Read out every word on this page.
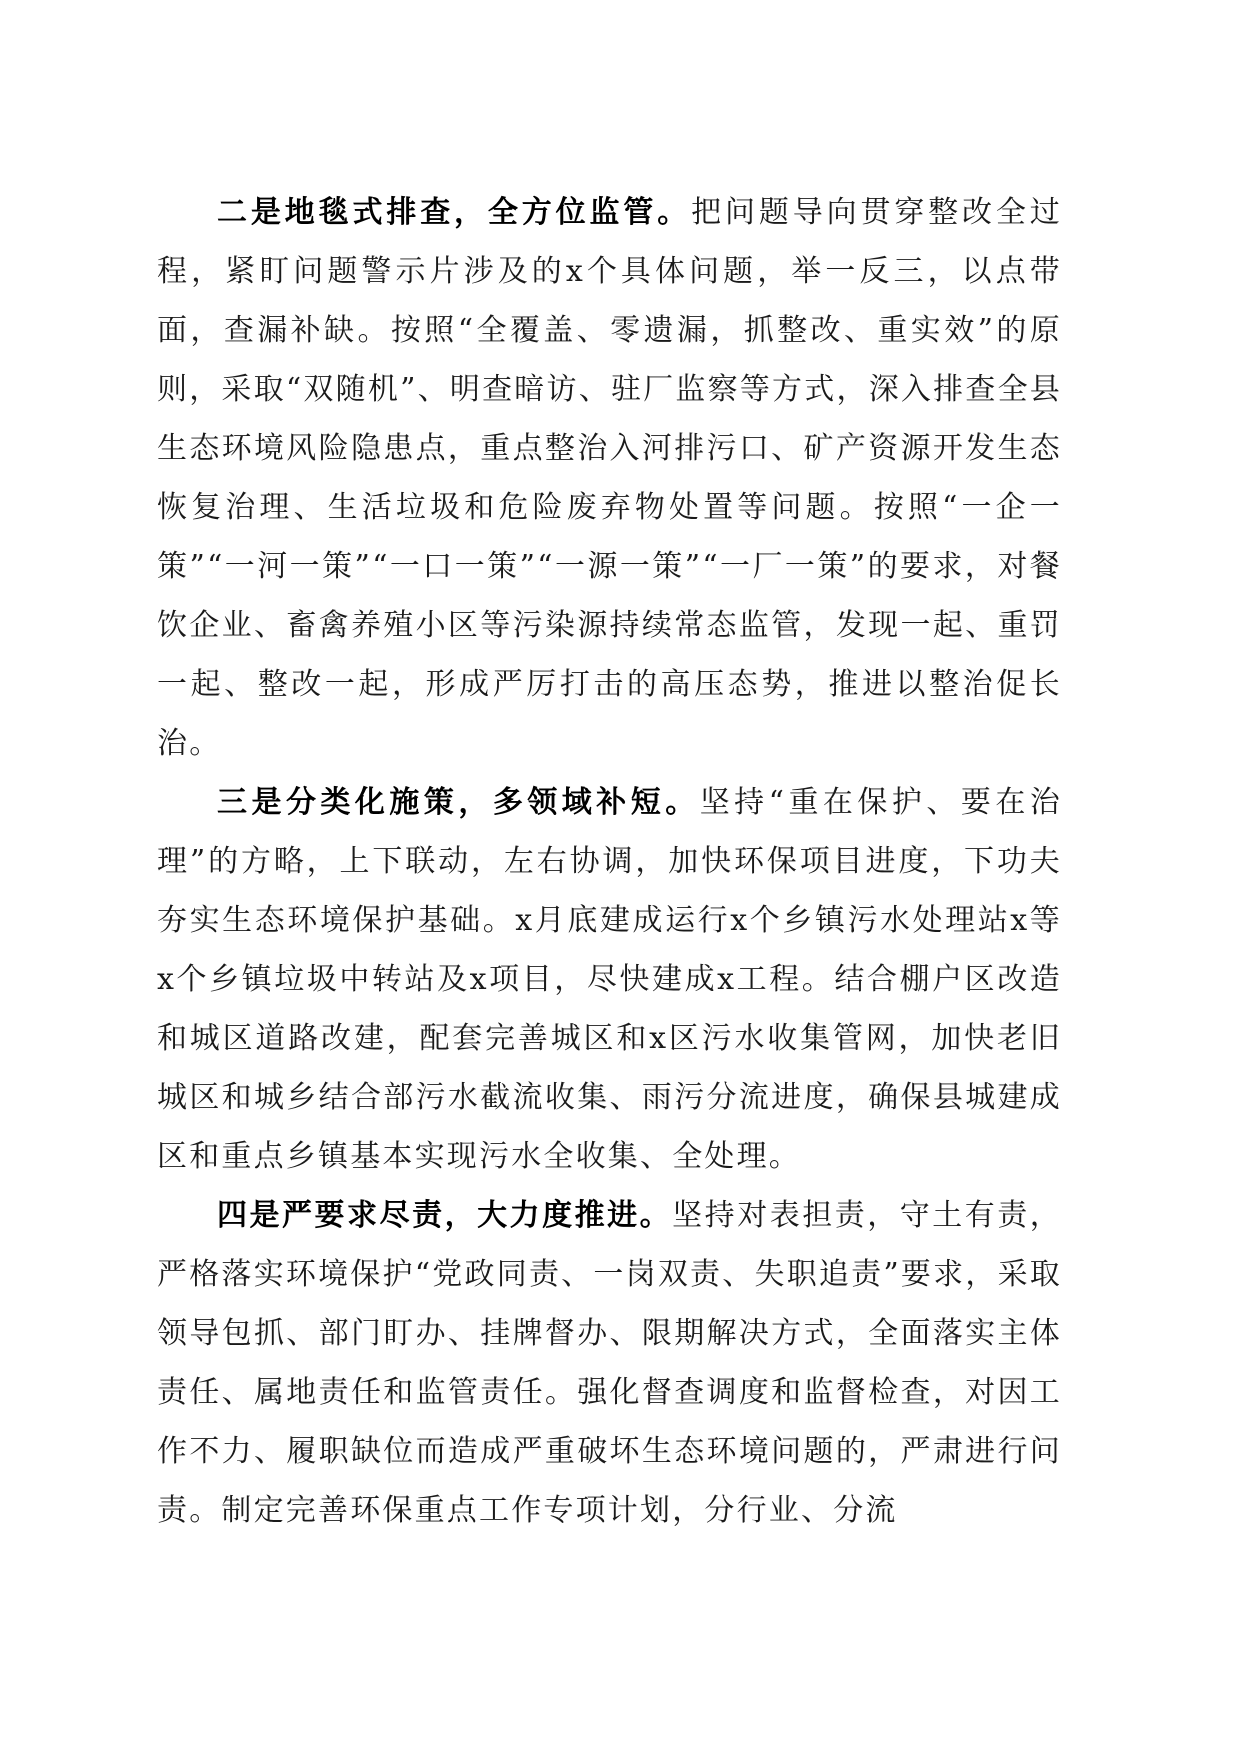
二是地毯式排查，全方位监管。把问题导向贯穿整改全过程，紧盯问题警示片涉及的x个具体问题，举一反三，以点带面，查漏补缺。按照“全覆盖、零遗漏，抓整改、重实效”的原则，采取“双随机”、明查暗访、驻厂监察等方式，深入排查全县生态环境风险隐患点，重点整治入河排污口、矿产资源开发生态恢复治理、生活垃圾和危险废弃物处置等问题。按照“一企一策”“一河一策”“一口一策”“一源一策”“一厂一策”的要求，对餐饮企业、畜禽养殖小区等污染源持续常态监管，发现一起、重罚一起、整改一起，形成严厉打击的高压态势，推进以整治促长治。

三是分类化施策，多领域补短。坚持“重在保护、要在治理”的方略，上下联动，左右协调，加快环保项目进度，下功夫夯实生态环境保护基础。x月底建成运行x个乡镇污水处理站x等x个乡镇垃圾中转站及x项目，尽快建成x工程。结合棚户区改造和城区道路改建，配套完善城区和x区污水收集管网，加快老旧城区和城乡结合部污水截流收集、雨污分流进度，确保县城建成区和重点乡镇基本实现污水全收集、全处理。

四是严要求尽责，大力度推进。坚持对表担责，守土有责，严格落实环境保护“党政同责、一岗双责、失职追责”要求，采取领导包抓、部门盯办、挂牌督办、限期解决方式，全面落实主体责任、属地责任和监管责任。强化督查调度和监督检查，对因工作不力、履职缺位而造成严重破坏生态环境问题的，严肃进行问责。制定完善环保重点工作专项计划，分行业、分流
